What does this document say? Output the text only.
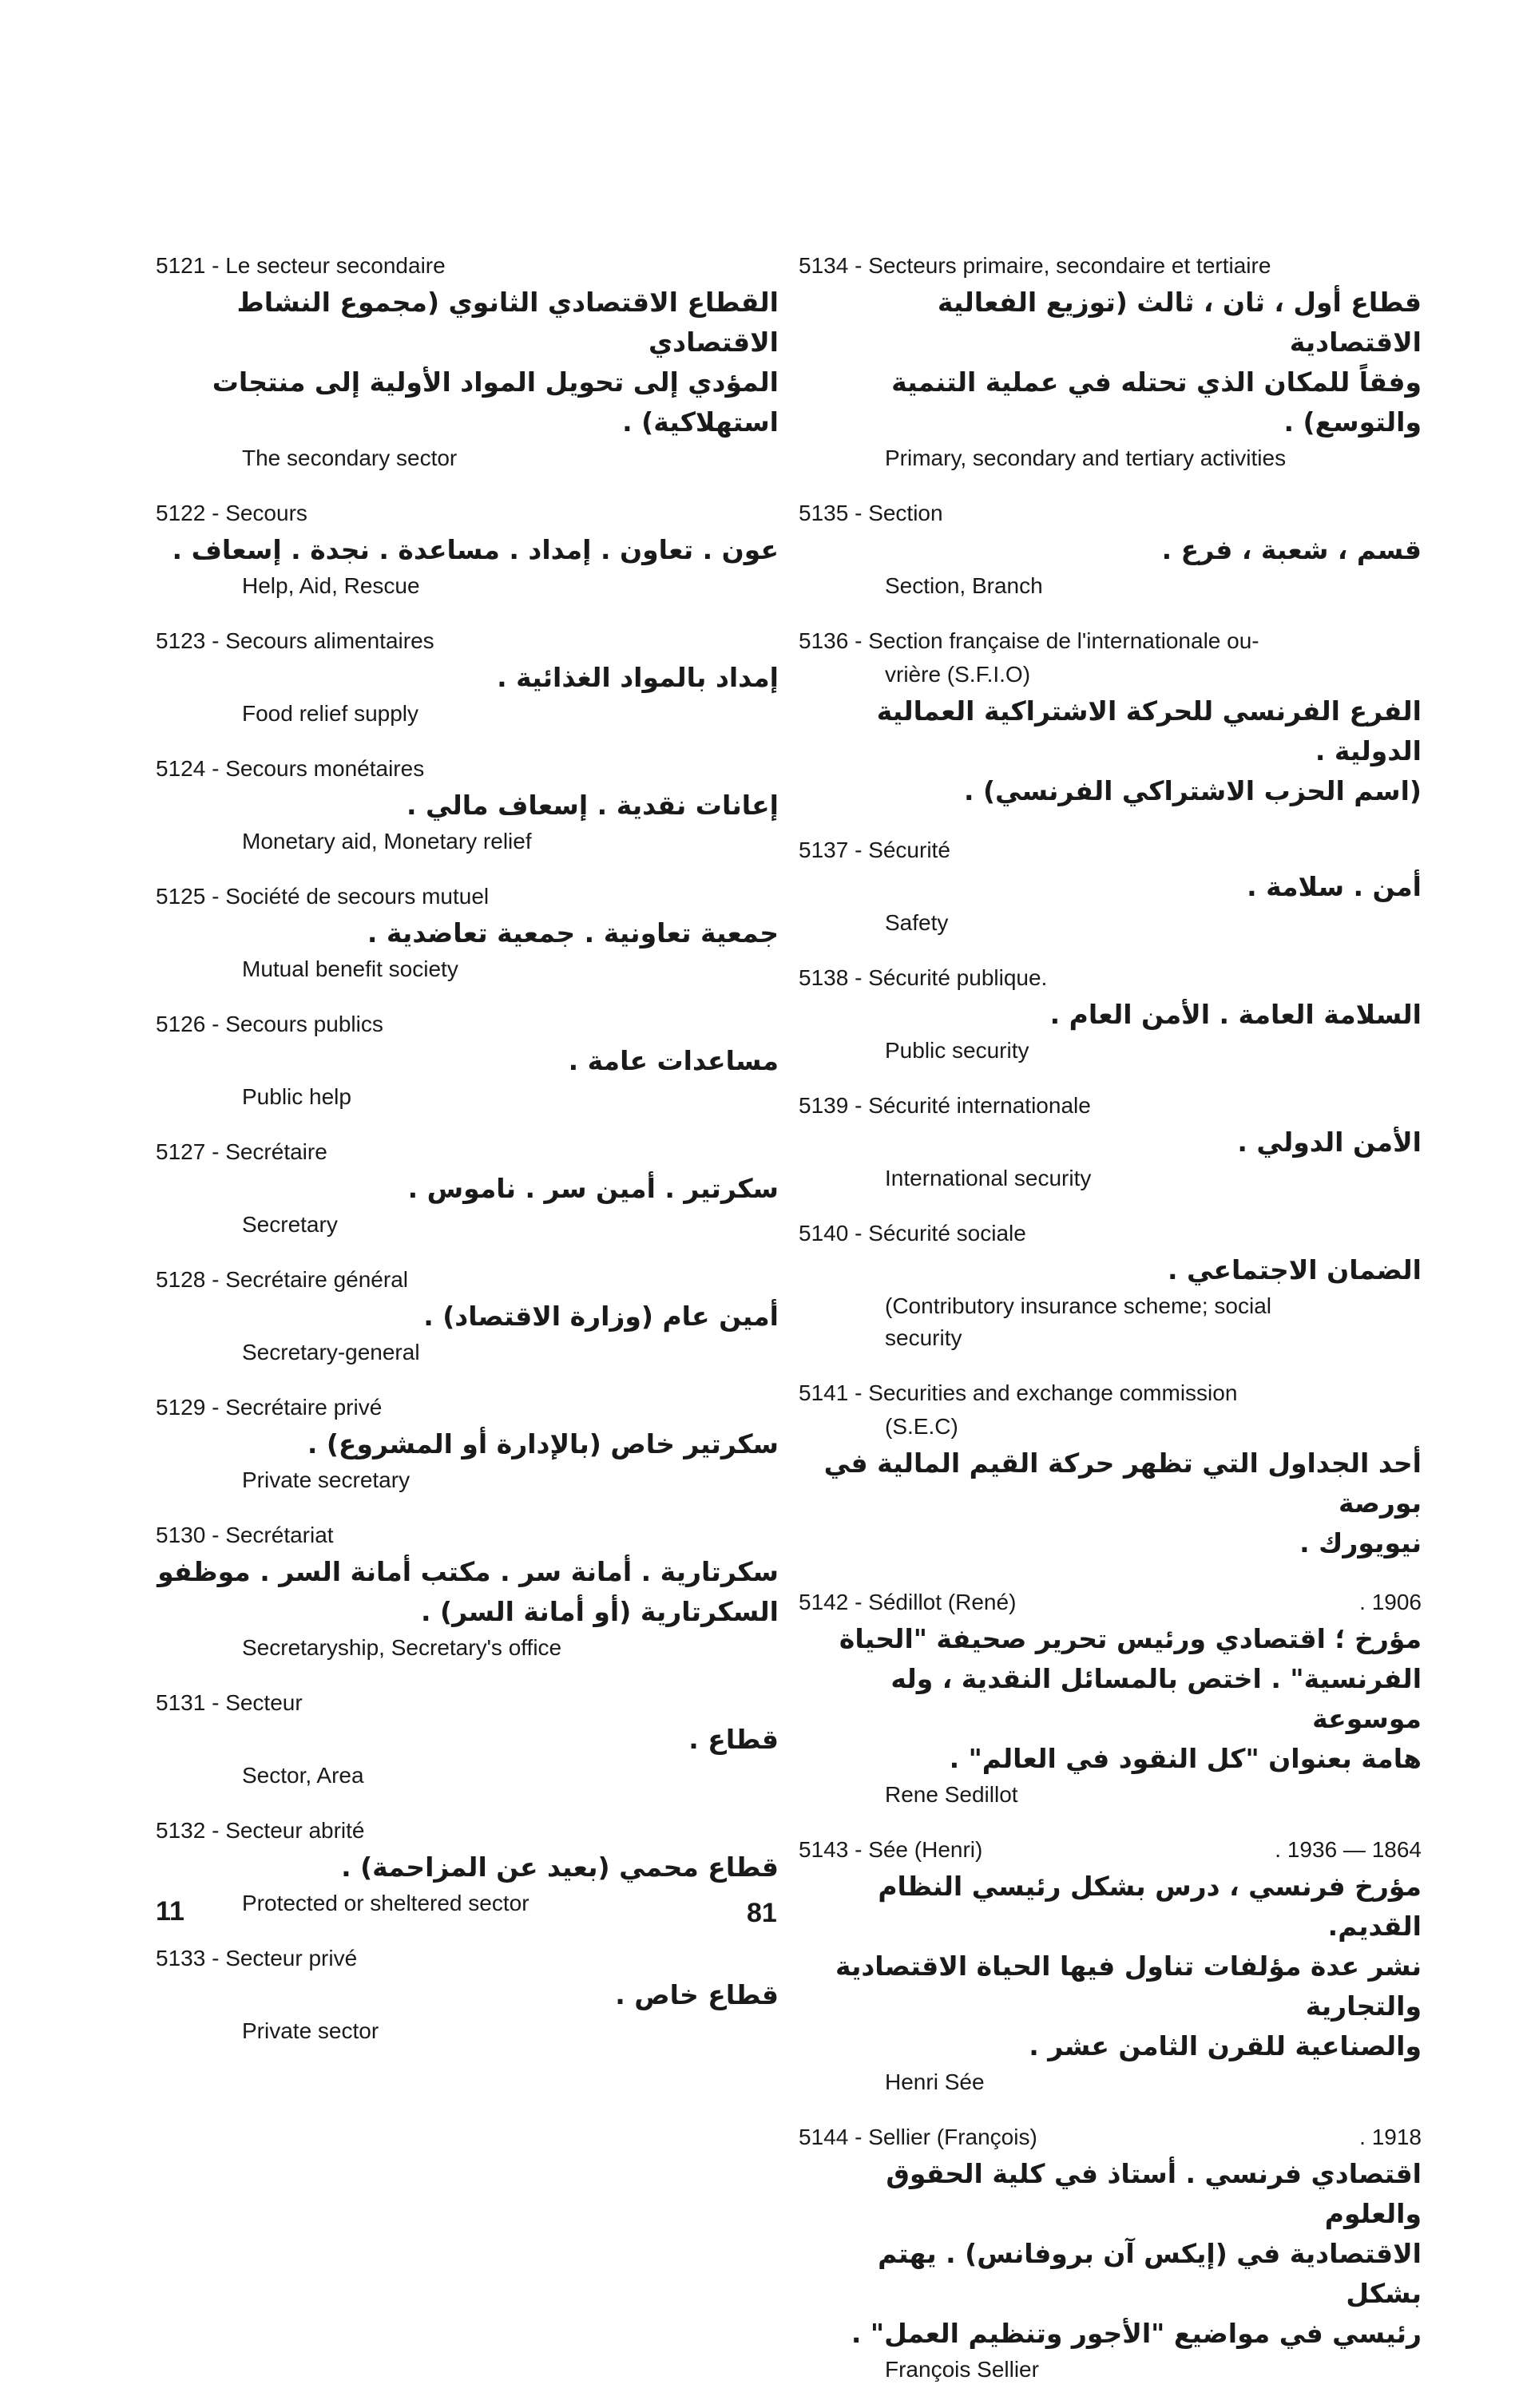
5121 - Le secteur secondaire
القطاع الاقتصادي الثانوي (مجموع النشاط الاقتصادي
المؤدي إلى تحويل المواد الأولية إلى منتجات
استهلاكية) .
The secondary sector
5122 - Secours
عون . تعاون . إمداد . مساعدة . نجدة . إسعاف .
Help, Aid, Rescue
5123 - Secours alimentaires
إمداد بالمواد الغذائية .
Food relief supply
5124 - Secours monétaires
إعانات نقدية . إسعاف مالي .
Monetary aid, Monetary relief
5125 - Société de secours mutuel
جمعية تعاونية . جمعية تعاضدية .
Mutual benefit society
5126 - Secours publics
مساعدات عامة .
Public help
5127 - Secrétaire
سكرتير . أمين سر . ناموس .
Secretary
5128 - Secrétaire général
أمين عام (وزارة الاقتصاد) .
Secretary-general
5129 - Secrétaire privé
سكرتير خاص (بالإدارة أو المشروع) .
Private secretary
5130 - Secrétariat
سكرتارية . أمانة سر . مكتب أمانة السر . موظفو
السكرتارية (أو أمانة السر) .
Secretaryship, Secretary's office
5131 - Secteur
قطاع .
Sector, Area
5132 - Secteur abrité
قطاع محمي (بعيد عن المزاحمة) .
Protected or sheltered sector
5133 - Secteur privé
قطاع خاص .
Private sector
5134 - Secteurs primaire, secondaire et tertiaire
قطاع أول ، ثان ، ثالث (توزيع الفعالية الاقتصادية
وفقاً للمكان الذي تحتله في عملية التنمية والتوسع) .
Primary, secondary and tertiary activities
5135 - Section
قسم ، شعبة ، فرع .
Section, Branch
5136 - Section française de l'internationale ou-
vrière (S.F.I.O)
الفرع الفرنسي للحركة الاشتراكية العمالية الدولية .
(اسم الحزب الاشتراكي الفرنسي) .
5137 - Sécurité
أمن . سلامة .
Safety
5138 - Sécurité publique.
السلامة العامة . الأمن العام .
Public security
5139 - Sécurité internationale
الأمن الدولي .
International security
5140 - Sécurité sociale
الضمان الاجتماعي .
(Contributory insurance scheme; social
security
5141 - Securities and exchange commission
(S.E.C)
أحد الجداول التي تظهر حركة القيم المالية في بورصة
نيويورك .
5142 - Sédillot (René)	. 1906
مؤرخ ؛ اقتصادي ورئيس تحرير صحيفة "الحياة
الفرنسية" . اختص بالمسائل النقدية ، وله موسوعة
هامة بعنوان "كل النقود في العالم" .
Rene Sedillot
5143 - Sée (Henri)	. 1936 — 1864
مؤرخ فرنسي ، درس بشكل رئيسي النظام القديم.
نشر عدة مؤلفات تناول فيها الحياة الاقتصادية والتجارية
والصناعية للقرن الثامن عشر .
Henri Sée
5144 - Sellier (François)	. 1918
اقتصادي فرنسي . أستاذ في كلية الحقوق والعلوم
الاقتصادية في (إيكس آن بروفانس) . يهتم بشكل
رئيسي في مواضيع "الأجور وتنظيم العمل" .
François Sellier
11	81
